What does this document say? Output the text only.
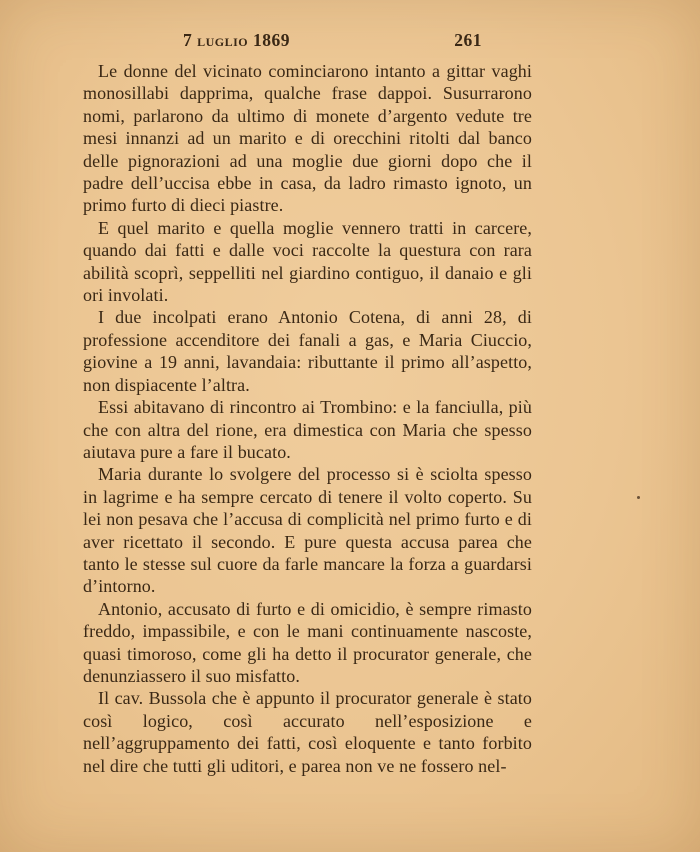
7 luglio 1869	261

Le donne del vicinato cominciarono intanto a gittar vaghi monosillabi dapprima, qualche frase dappoi. Susurrarono nomi, parlarono da ultimo di monete d’argento vedute tre mesi innanzi ad un marito e di orecchini ritolti dal banco delle pignorazioni ad una moglie due giorni dopo che il padre dell’uccisa ebbe in casa, da ladro rimasto ignoto, un primo furto di dieci piastre.

E quel marito e quella moglie vennero tratti in carcere, quando dai fatti e dalle voci raccolte la questura con rara abilità scoprì, seppelliti nel giardino contiguo, il danaio e gli ori involati.

I due incolpati erano Antonio Cotena, di anni 28, di professione accenditore dei fanali a gas, e Maria Ciuccio, giovine a 19 anni, lavandaia: ributtante il primo all’aspetto, non dispiacente l’altra.

Essi abitavano di rincontro ai Trombino: e la fanciulla, più che con altra del rione, era dimestica con Maria che spesso aiutava pure a fare il bucato.

Maria durante lo svolgere del processo si è sciolta spesso in lagrime e ha sempre cercato di tenere il volto coperto. Su lei non pesava che l’accusa di complicità nel primo furto e di aver ricettato il secondo. E pure questa accusa parea che tanto le stesse sul cuore da farle mancare la forza a guardarsi d’intorno.

Antonio, accusato di furto e di omicidio, è sempre rimasto freddo, impassibile, e con le mani continuamente nascoste, quasi timoroso, come gli ha detto il procurator generale, che denunziassero il suo misfatto.

Il cav. Bussola che è appunto il procurator generale è stato così logico, così accurato nell’esposizione e nell’aggruppamento dei fatti, così eloquente e tanto forbito nel dire che tutti gli uditori, e parea non ve ne fossero nel-
